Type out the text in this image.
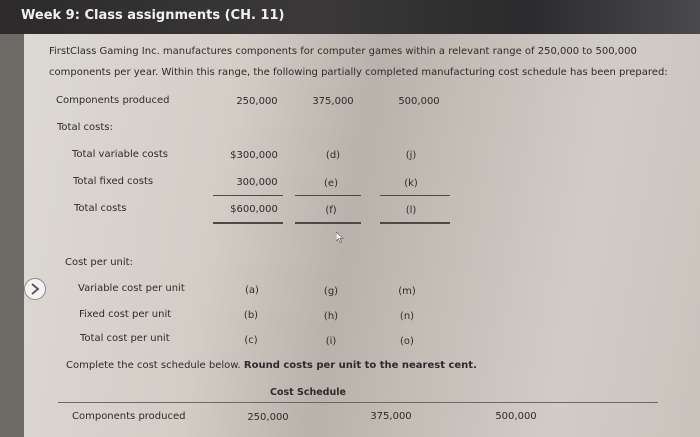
Week 9: Class assignments (CH. 11)
FirstClass Gaming Inc. manufactures components for computer games within a relevant range of 250,000 to 500,000
components per year. Within this range, the following partially completed manufacturing cost schedule has been prepared:
Components produced	250,000	375,000	500,000
Total costs:
Total variable costs	$300,000	(d)	(j)
Total fixed costs	300,000	(e)	(k)
Total costs	$600,000	(f)	(l)
Cost per unit:
Variable cost per unit	(a)	(g)	(m)
Fixed cost per unit	(b)	(h)	(n)
Total cost per unit	(c)	(i)	(o)
Complete the cost schedule below. Round costs per unit to the nearest cent.
Cost Schedule
Components produced	250,000	375,000	500,000
